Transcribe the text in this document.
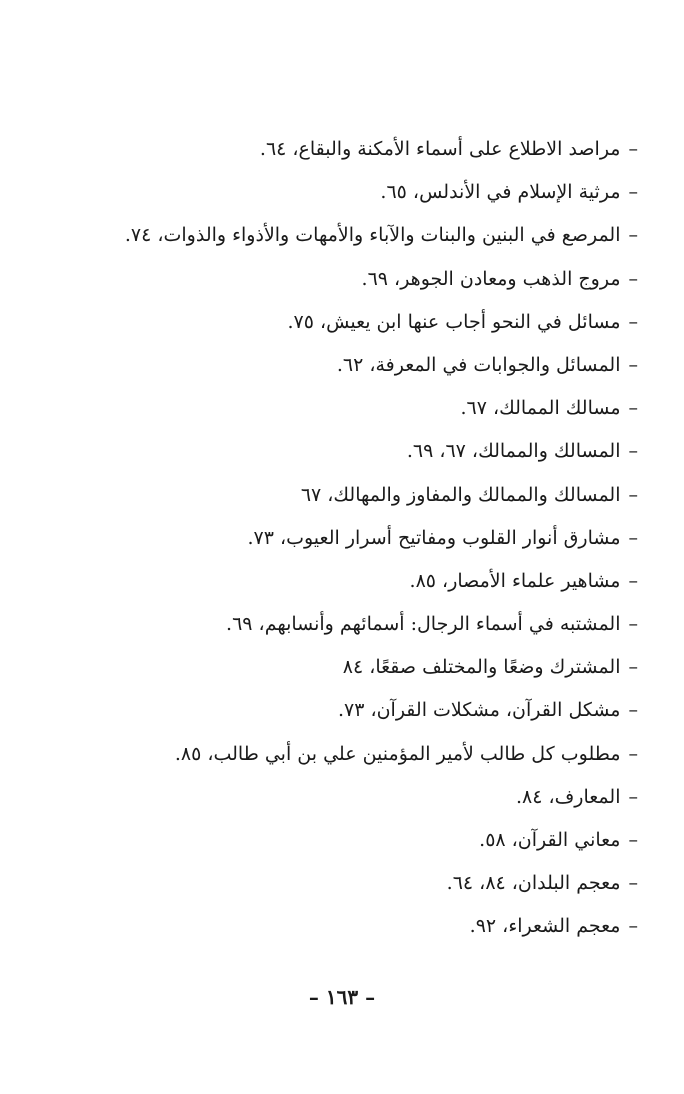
–مراصد الاطلاع على أسماء الأمكنة والبقاع، ٦٤.
–مرثية الإسلام في الأندلس، ٦٥.
–المرصع في البنين والبنات والآباء والأمهات والأذواء والذوات، ٧٤.
–مروج الذهب ومعادن الجوهر، ٦٩.
–مسائل في النحو أجاب عنها ابن يعيش، ٧٥.
–المسائل والجوابات في المعرفة، ٦٢.
–مسالك الممالك، ٦٧.
–المسالك والممالك، ٦٧، ٦٩.
–المسالك والممالك والمفاوز والمهالك، ٦٧
–مشارق أنوار القلوب ومفاتيح أسرار العيوب، ٧٣.
–مشاهير علماء الأمصار، ٨٥.
–المشتبه في أسماء الرجال: أسمائهم وأنسابهم، ٦٩.
–المشترك وضعًا والمختلف صقعًا، ٨٤
–مشكل القرآن، مشكلات القرآن، ٧٣.
–مطلوب كل طالب لأمير المؤمنين علي بن أبي طالب، ٨٥.
–المعارف، ٨٤.
–معاني القرآن، ٥٨.
–معجم البلدان، ٨٤، ٦٤.
–معجم الشعراء، ٩٢.
– ١٦٣ –
